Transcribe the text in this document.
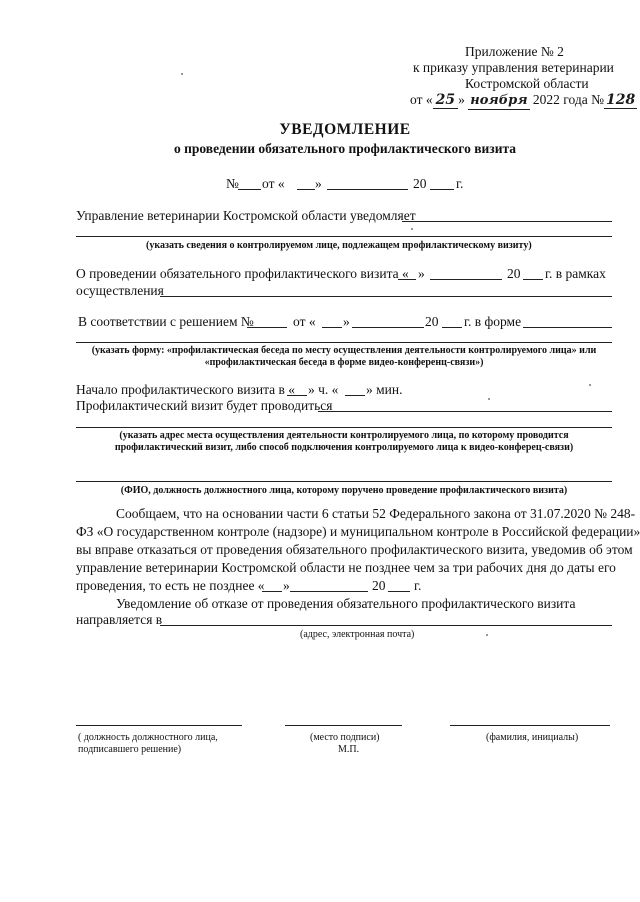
Приложение № 2
к приказу управления ветеринарии
Костромской области
от « 25 » ноября 2022 года № 128
УВЕДОМЛЕНИЕ
о проведении обязательного профилактического визита
№ от « »	20 г.
Управление ветеринарии Костромской области уведомляет
(указать сведения о контролируемом лице, подлежащем профилактическому визиту)
О проведении обязательного профилактического визита « »	20 г. в рамках
осуществления
В соответствии с решением №	от « »	20 г. в форме
(указать форму: «профилактическая беседа по месту осуществления деятельности контролируемого лица» или
«профилактическая беседа в форме видео-конференц-связи»)
Начало профилактического визита в « » ч. « » мин.
Профилактический визит будет проводиться
(указать адрес места осуществления деятельности контролируемого лица, по которому проводится
профилактический визит, либо способ подключения контролируемого лица к видео-конферец-связи)
(ФИО, должность должностного лица, которому поручено проведение профилактического визита)
Сообщаем, что на основании части 6 статьи 52 Федерального закона от 31.07.2020 № 248-
ФЗ «О государственном контроле (надзоре) и муниципальном контроле в Российской федерации»
вы вправе отказаться от проведения обязательного профилактического визита, уведомив об этом
управление ветеринарии Костромской области не позднее чем за три рабочих дня до даты его
проведения, то есть не позднее « »	20 г.
Уведомление об отказе от проведения обязательного профилактического визита
направляется в
(адрес, электронная почта)
( должность должностного лица,
подписавшего решение)
(место подписи)
М.П.
(фамилия, инициалы)
